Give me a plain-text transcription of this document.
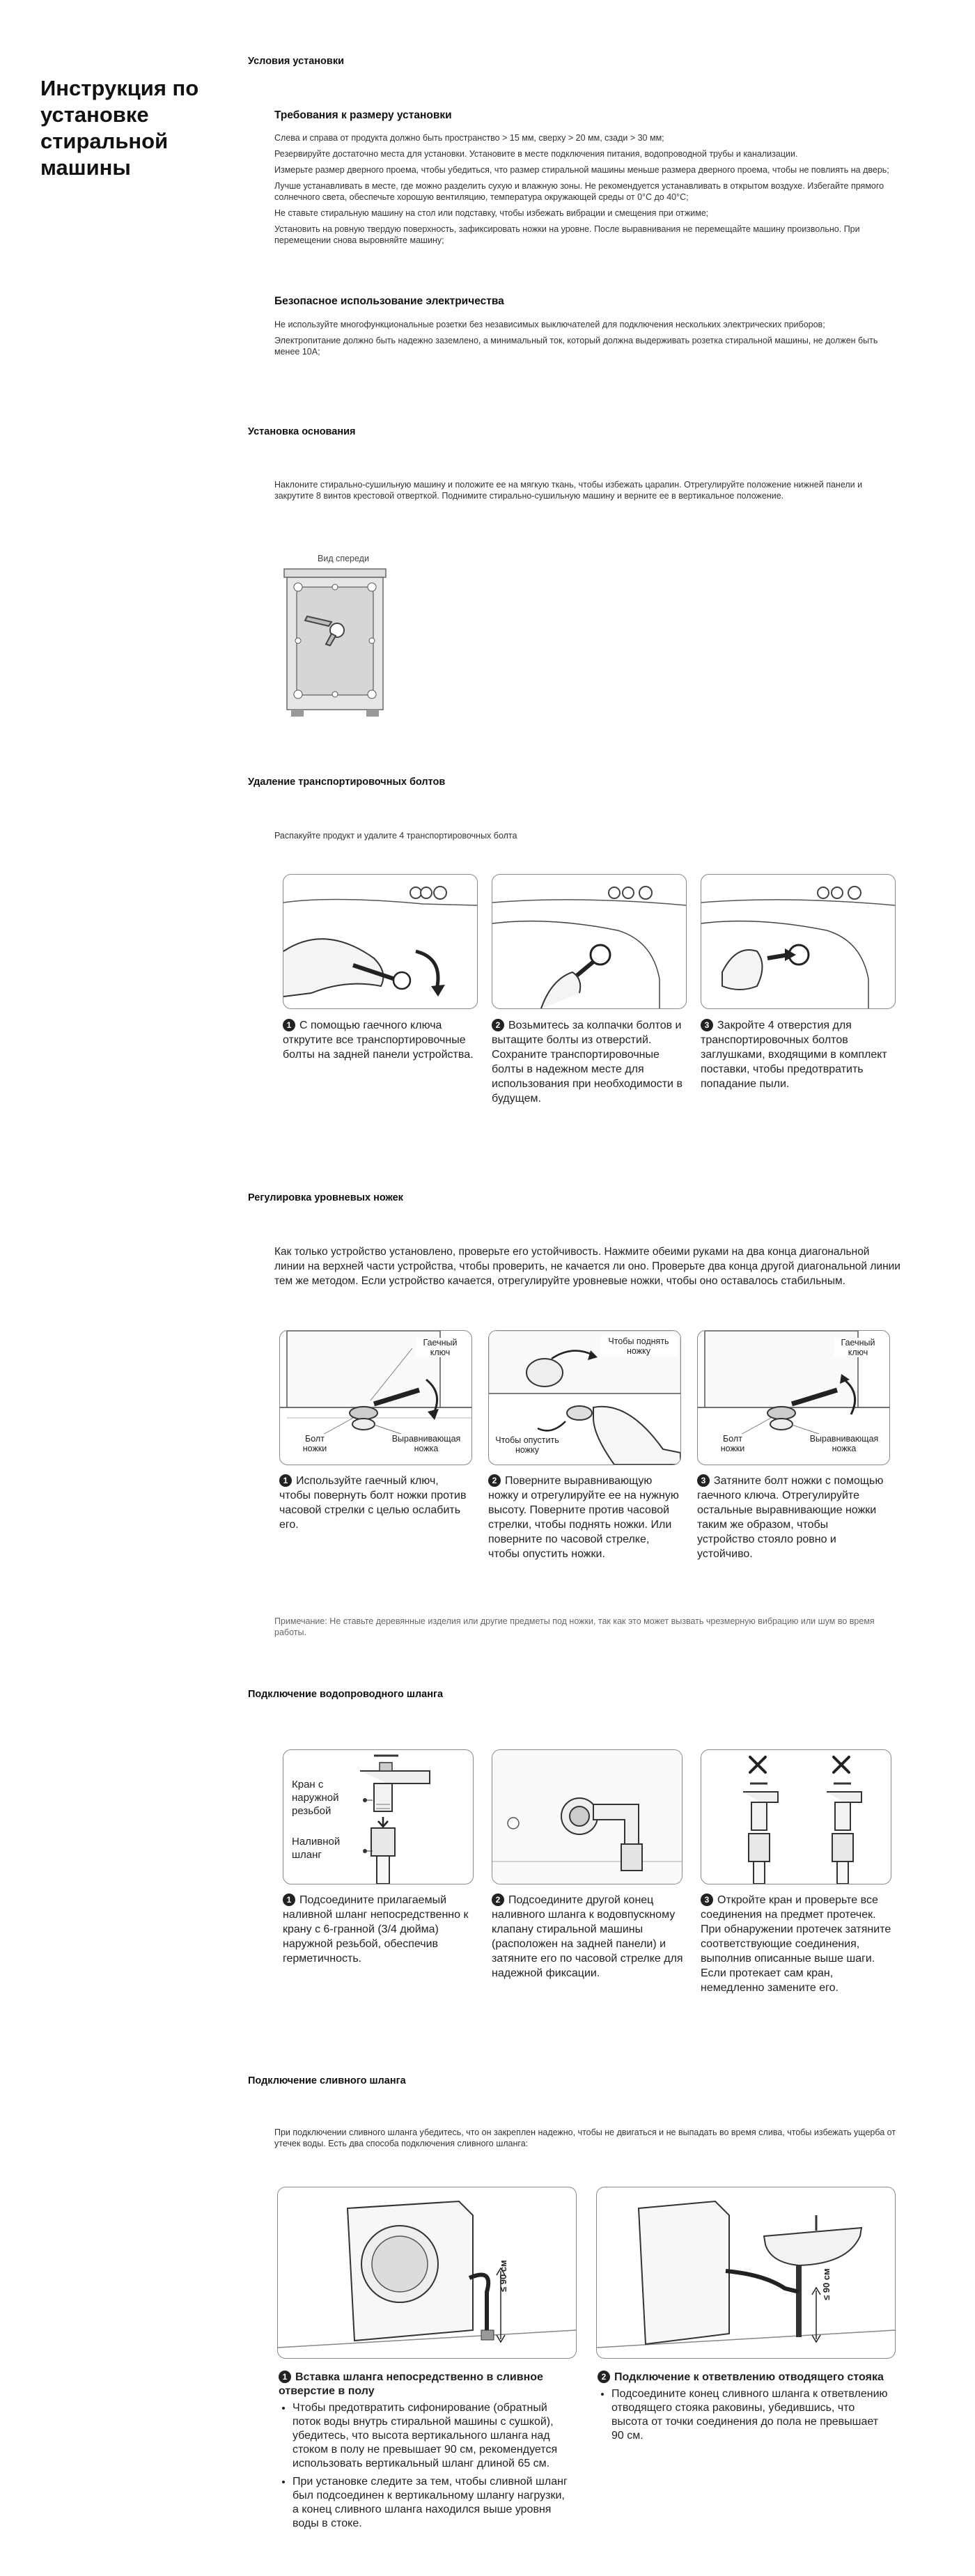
Инструкция по установке стиральной машины
Условия установки
Требования к размеру установки

Слева и справа от продукта должно быть пространство > 15 мм, сверху > 20 мм, сзади > 30 мм;

Резервируйте достаточно места для установки. Установите в месте подключения питания, водопроводной трубы и канализации.

Измерьте размер дверного проема, чтобы убедиться, что размер стиральной машины меньше размера дверного проема, чтобы не повлиять на дверь;

Лучше устанавливать в месте, где можно разделить сухую и влажную зоны. Не рекомендуется устанавливать в открытом воздухе. Избегайте прямого солнечного света, обеспечьте хорошую вентиляцию, температура окружающей среды от 0°C до 40°C;

Не ставьте стиральную машину на стол или подставку, чтобы избежать вибрации и смещения при отжиме;

Установить на ровную твердую поверхность, зафиксировать ножки на уровне. После выравнивания не перемещайте машину произвольно. При перемещении снова выровняйте машину;

Безопасное использование электричества

Не используйте многофункциональные розетки без независимых выключателей для подключения нескольких электрических приборов;

Электропитание должно быть надежно заземлено, а минимальный ток, который должна выдерживать розетка стиральной машины, не должен быть менее 10A;

Установка основания
Наклоните стирально-сушильную машину и положите ее на мягкую ткань, чтобы избежать царапин. Отрегулируйте положение нижней панели и закрутите 8 винтов крестовой отверткой. Поднимите стирально-сушильную машину и верните ее в вертикальное положение.
Вид спереди
Удаление транспортировочных болтов
Распакуйте продукт и удалите 4 транспортировочных болта
1 С помощью гаечного ключа открутите все транспортировочные болты на задней панели устройства.
2 Возьмитесь за колпачки болтов и вытащите болты из отверстий. Сохраните транспортировочные болты в надежном месте для использования при необходимости в будущем.
3 Закройте 4 отверстия для транспортировочных болтов заглушками, входящими в комплект поставки, чтобы предотвратить попадание пыли.
Регулировка уровневых ножек
Как только устройство установлено, проверьте его устойчивость. Нажмите обеими руками на два конца диагональной линии на верхней части устройства, чтобы проверить, не качается ли оно. Проверьте два конца другой диагональной линии тем же методом. Если устройство качается, отрегулируйте уровневые ножки, чтобы оно оставалось стабильным.
Гаечный ключ
Болт ножки
Выравнивающая ножка
Чтобы поднять ножку
Чтобы опустить ножку
Гаечный ключ
Болт ножки
Выравнивающая ножка
1 Используйте гаечный ключ, чтобы повернуть болт ножки против часовой стрелки с целью ослабить его.
2 Поверните выравнивающую ножку и отрегулируйте ее на нужную высоту. Поверните против часовой стрелки, чтобы поднять ножки. Или поверните по часовой стрелке, чтобы опустить ножки.
3 Затяните болт ножки с помощью гаечного ключа. Отрегулируйте остальные выравнивающие ножки таким же образом, чтобы устройство стояло ровно и устойчиво.
Примечание: Не ставьте деревянные изделия или другие предметы под ножки, так как это может вызвать чрезмерную вибрацию или шум во время работы.
Подключение водопроводного шланга
Кран с наружной резьбой
Наливной шланг
1 Подсоедините прилагаемый наливной шланг непосредственно к крану с 6-гранной (3/4 дюйма) наружной резьбой, обеспечив герметичность.
2 Подсоедините другой конец наливного шланга к водовпускному клапану стиральной машины (расположен на задней панели) и затяните его по часовой стрелке для надежной фиксации.
3 Откройте кран и проверьте все соединения на предмет протечек. При обнаружении протечек затяните соответствующие соединения, выполнив описанные выше шаги. Если протекает сам кран, немедленно замените его.
Подключение сливного шланга
При подключении сливного шланга убедитесь, что он закреплен надежно, чтобы не двигаться и не выпадать во время слива, чтобы избежать ущерба от утечек воды. Есть два способа подключения сливного шланга:
≤ 90 см	≤ 90 см
1 Вставка шланга непосредственно в сливное отверстие в полу
• Чтобы предотвратить сифонирование (обратный поток воды внутрь стиральной машины с сушкой), убедитесь, что высота вертикального шланга над стоком в полу не превышает 90 см, рекомендуется использовать вертикальный шланг длиной 65 см.
• При установке следите за тем, чтобы сливной шланг был подсоединен к вертикальному шлангу нагрузки, а конец сливного шланга находился выше уровня воды в стоке.
2 Подключение к ответвлению отводящего стояка
• Подсоедините конец сливного шланга к ответвлению отводящего стояка раковины, убедившись, что высота от точки соединения до пола не превышает 90 см.
